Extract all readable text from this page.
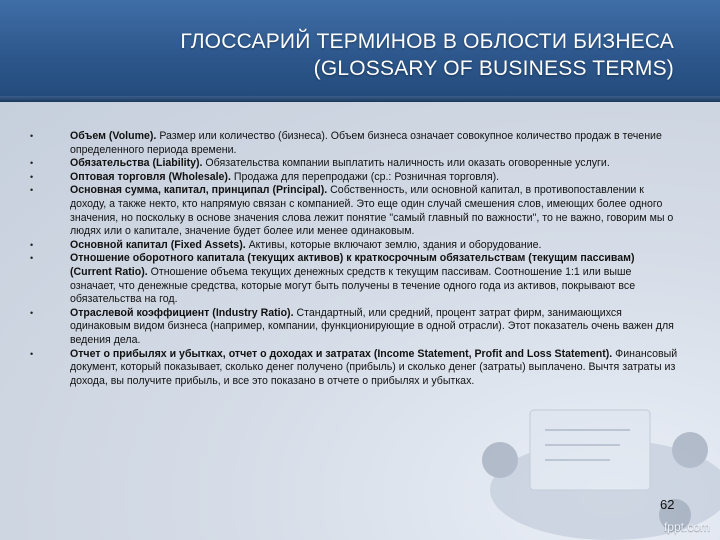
ГЛОССАРИЙ ТЕРМИНОВ В ОБЛОСТИ БИЗНЕСА
(GLOSSARY OF BUSINESS TERMS)
•	Объем (Volume). Размер или количество (бизнеса). Объем бизнеса означает совокупное количество продаж в течение определенного периода времени.
•	Обязательства (Liability). Обязательства компании выплатить наличность или оказать оговоренные услуги.
•	Оптовая торговля (Wholesale). Продажа для перепродажи (ср.: Розничная торговля).
•	Основная сумма, капитал, принципал (Principal). Собственность, или основной капитал, в противопоставлении к доходу, а также некто, кто напрямую связан с компанией. Это еще один случай смешения слов, имеющих более одного значения, но поскольку в основе значения слова лежит понятие "самый главный по важности", то не важно, говорим мы о людях или о капитале, значение будет более или менее одинаковым.
•	Основной капитал (Fixed Assets). Активы, которые включают землю, здания и оборудование.
•	Отношение оборотного капитала (текущих активов) к краткосрочным обязательствам (текущим пассивам) (Current Ratio). Отношение объема текущих денежных средств к текущим пассивам. Соотношение 1:1 или выше означает, что денежные средства, которые могут быть получены в течение одного года из активов, покрывают все обязательства на год.
•	Отраслевой коэффициент (Industry Ratio). Стандартный, или средний, процент затрат фирм, занимающихся одинаковым видом бизнеса (например, компании, функционирующие в одной отрасли). Этот показатель очень важен для ведения дела.
•	Отчет о прибылях и убытках, отчет о доходах и затратах (Income Statement, Profit and Loss Statement). Финансовый документ, который показывает, сколько денег получено (прибыль) и сколько денег (затраты) выплачено. Вычтя затраты из дохода, вы получите прибыль, и все это показано в отчете о прибылях и убытках.
62
fppt.com
